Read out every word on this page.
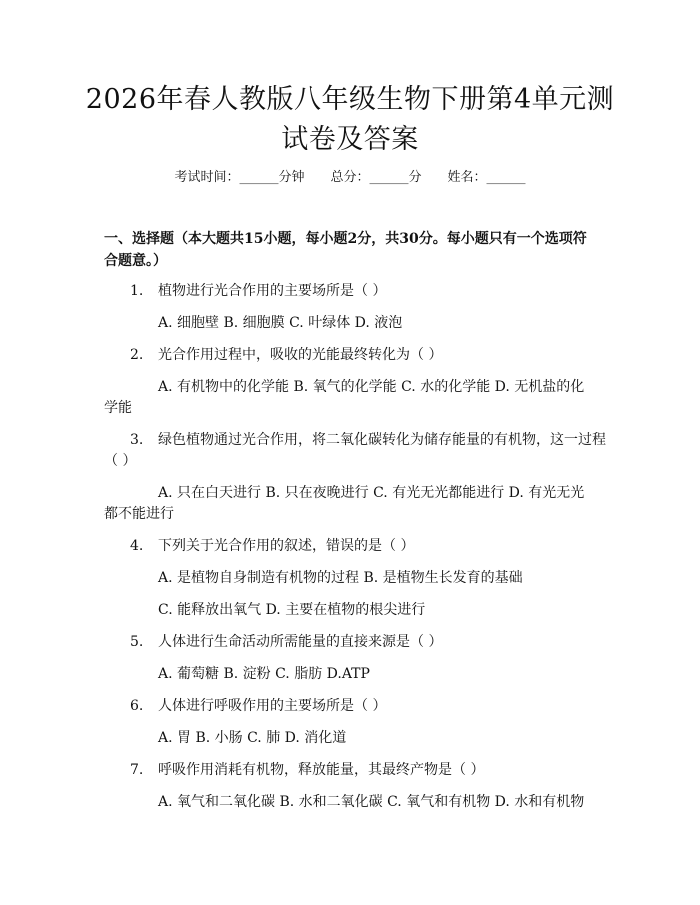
2026年春人教版八年级生物下册第4单元测
试卷及答案
考试时间：______分钟　　总分：______分　　姓名：______
一、选择题（本大题共15小题，每小题2分，共30分。每小题只有一个选项符
合题意。）
1. 植物进行光合作用的主要场所是（ ）
A. 细胞壁 B. 细胞膜 C. 叶绿体 D. 液泡
2. 光合作用过程中，吸收的光能最终转化为（ ）
A. 有机物中的化学能 B. 氧气的化学能 C. 水的化学能 D. 无机盐的化
学能
3. 绿色植物通过光合作用，将二氧化碳转化为储存能量的有机物，这一过程
（ ）
A. 只在白天进行 B. 只在夜晚进行 C. 有光无光都能进行 D. 有光无光
都不能进行
4. 下列关于光合作用的叙述，错误的是（ ）
A. 是植物自身制造有机物的过程 B. 是植物生长发育的基础
C. 能释放出氧气 D. 主要在植物的根尖进行
5. 人体进行生命活动所需能量的直接来源是（ ）
A. 葡萄糖 B. 淀粉 C. 脂肪 D.ATP
6. 人体进行呼吸作用的主要场所是（ ）
A. 胃 B. 小肠 C. 肺 D. 消化道
7. 呼吸作用消耗有机物，释放能量，其最终产物是（ ）
A. 氧气和二氧化碳 B. 水和二氧化碳 C. 氧气和有机物 D. 水和有机物
